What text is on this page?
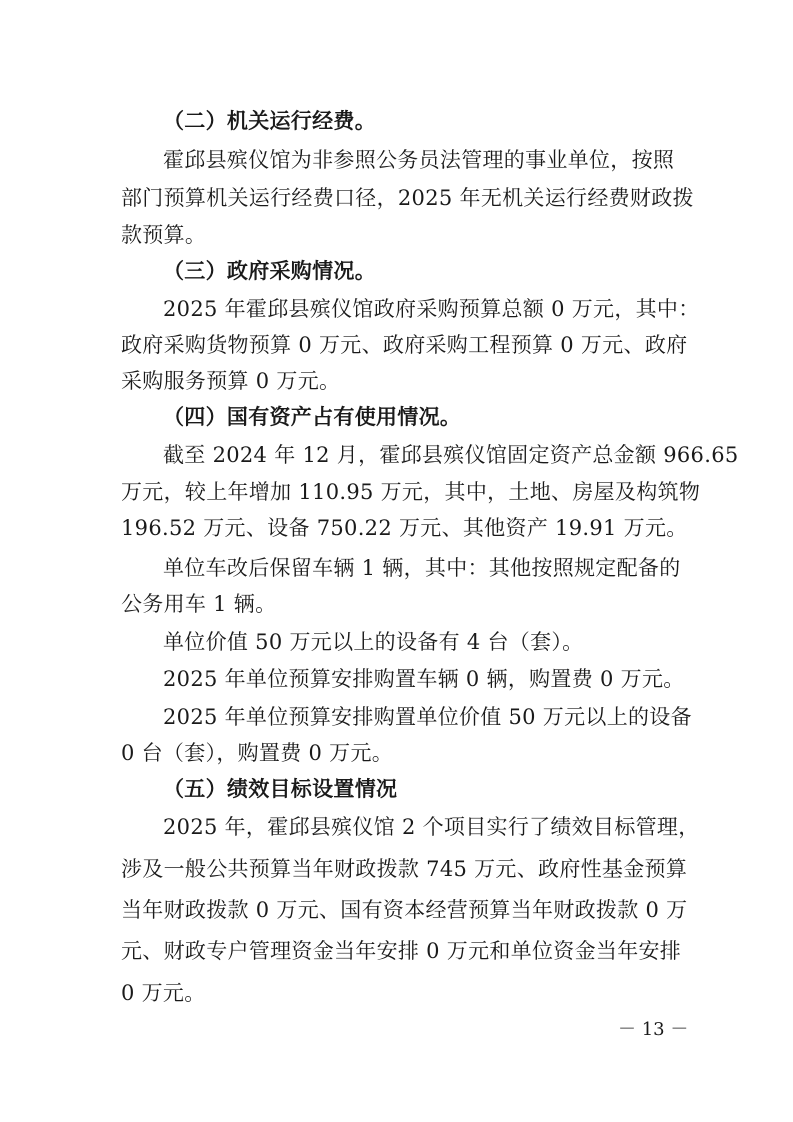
（二）机关运行经费。
霍邱县殡仪馆为非参照公务员法管理的事业单位，按照
部门预算机关运行经费口径，2025 年无机关运行经费财政拨
款预算。
（三）政府采购情况。
2025 年霍邱县殡仪馆政府采购预算总额 0 万元，其中：
政府采购货物预算 0 万元、政府采购工程预算 0 万元、政府
采购服务预算 0 万元。
（四）国有资产占有使用情况。
截至 2024 年 12 月，霍邱县殡仪馆固定资产总金额 966.65
万元，较上年增加 110.95 万元，其中，土地、房屋及构筑物
196.52 万元、设备 750.22 万元、其他资产 19.91 万元。
单位车改后保留车辆 1 辆，其中：其他按照规定配备的
公务用车 1 辆。
单位价值 50 万元以上的设备有 4 台（套）。
2025 年单位预算安排购置车辆 0 辆，购置费 0 万元。
2025 年单位预算安排购置单位价值 50 万元以上的设备
0 台（套），购置费 0 万元。
（五）绩效目标设置情况
2025 年，霍邱县殡仪馆 2 个项目实行了绩效目标管理，
涉及一般公共预算当年财政拨款 745 万元、政府性基金预算
当年财政拨款 0 万元、国有资本经营预算当年财政拨款 0 万
元、财政专户管理资金当年安排 0 万元和单位资金当年安排
0 万元。
－ 13 －
